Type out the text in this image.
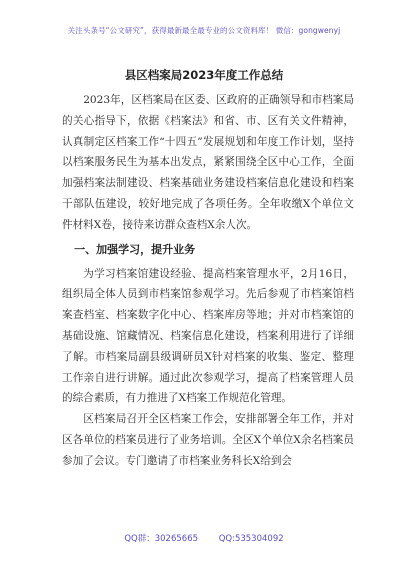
关注头条号“公文研究”，获得最新最全最专业的公文资料库！ 微信：gongwenyj
县区档案局2023年度工作总结

2023年，区档案局在区委、区政府的正确领导和市档案局的关心指导下，依据《档案法》和省、市、区有关文件精神，认真制定区档案工作“十四五”发展规划和年度工作计划，坚持以档案服务民生为基本出发点，紧紧围绕全区中心工作，全面加强档案法制建设、档案基础业务建设档案信息化建设和档案干部队伍建设，较好地完成了各项任务。全年收缴X个单位文件材料X卷，接待来访群众查档X余人次。

一、加强学习，提升业务

为学习档案馆建设经验、提高档案管理水平，2月16日，组织局全体人员到市档案馆参观学习。先后参观了市档案馆档案查档室、档案数字化中心、档案库房等地；并对市档案馆的基础设施、馆藏情况、档案信息化建设，档案利用进行了详细了解。市档案局副县级调研员X针对档案的收集、鉴定、整理工作亲自进行讲解。通过此次参观学习，提高了档案管理人员的综合素质，有力推进了X档案工作规范化管理。

区档案局召开全区档案工作会，安排部署全年工作，并对区各单位的档案员进行了业务培训。全区X个单位X余名档案员参加了会议。专门邀请了市档案业务科长X给到会

QQ群：30265665 QQ:535304092
